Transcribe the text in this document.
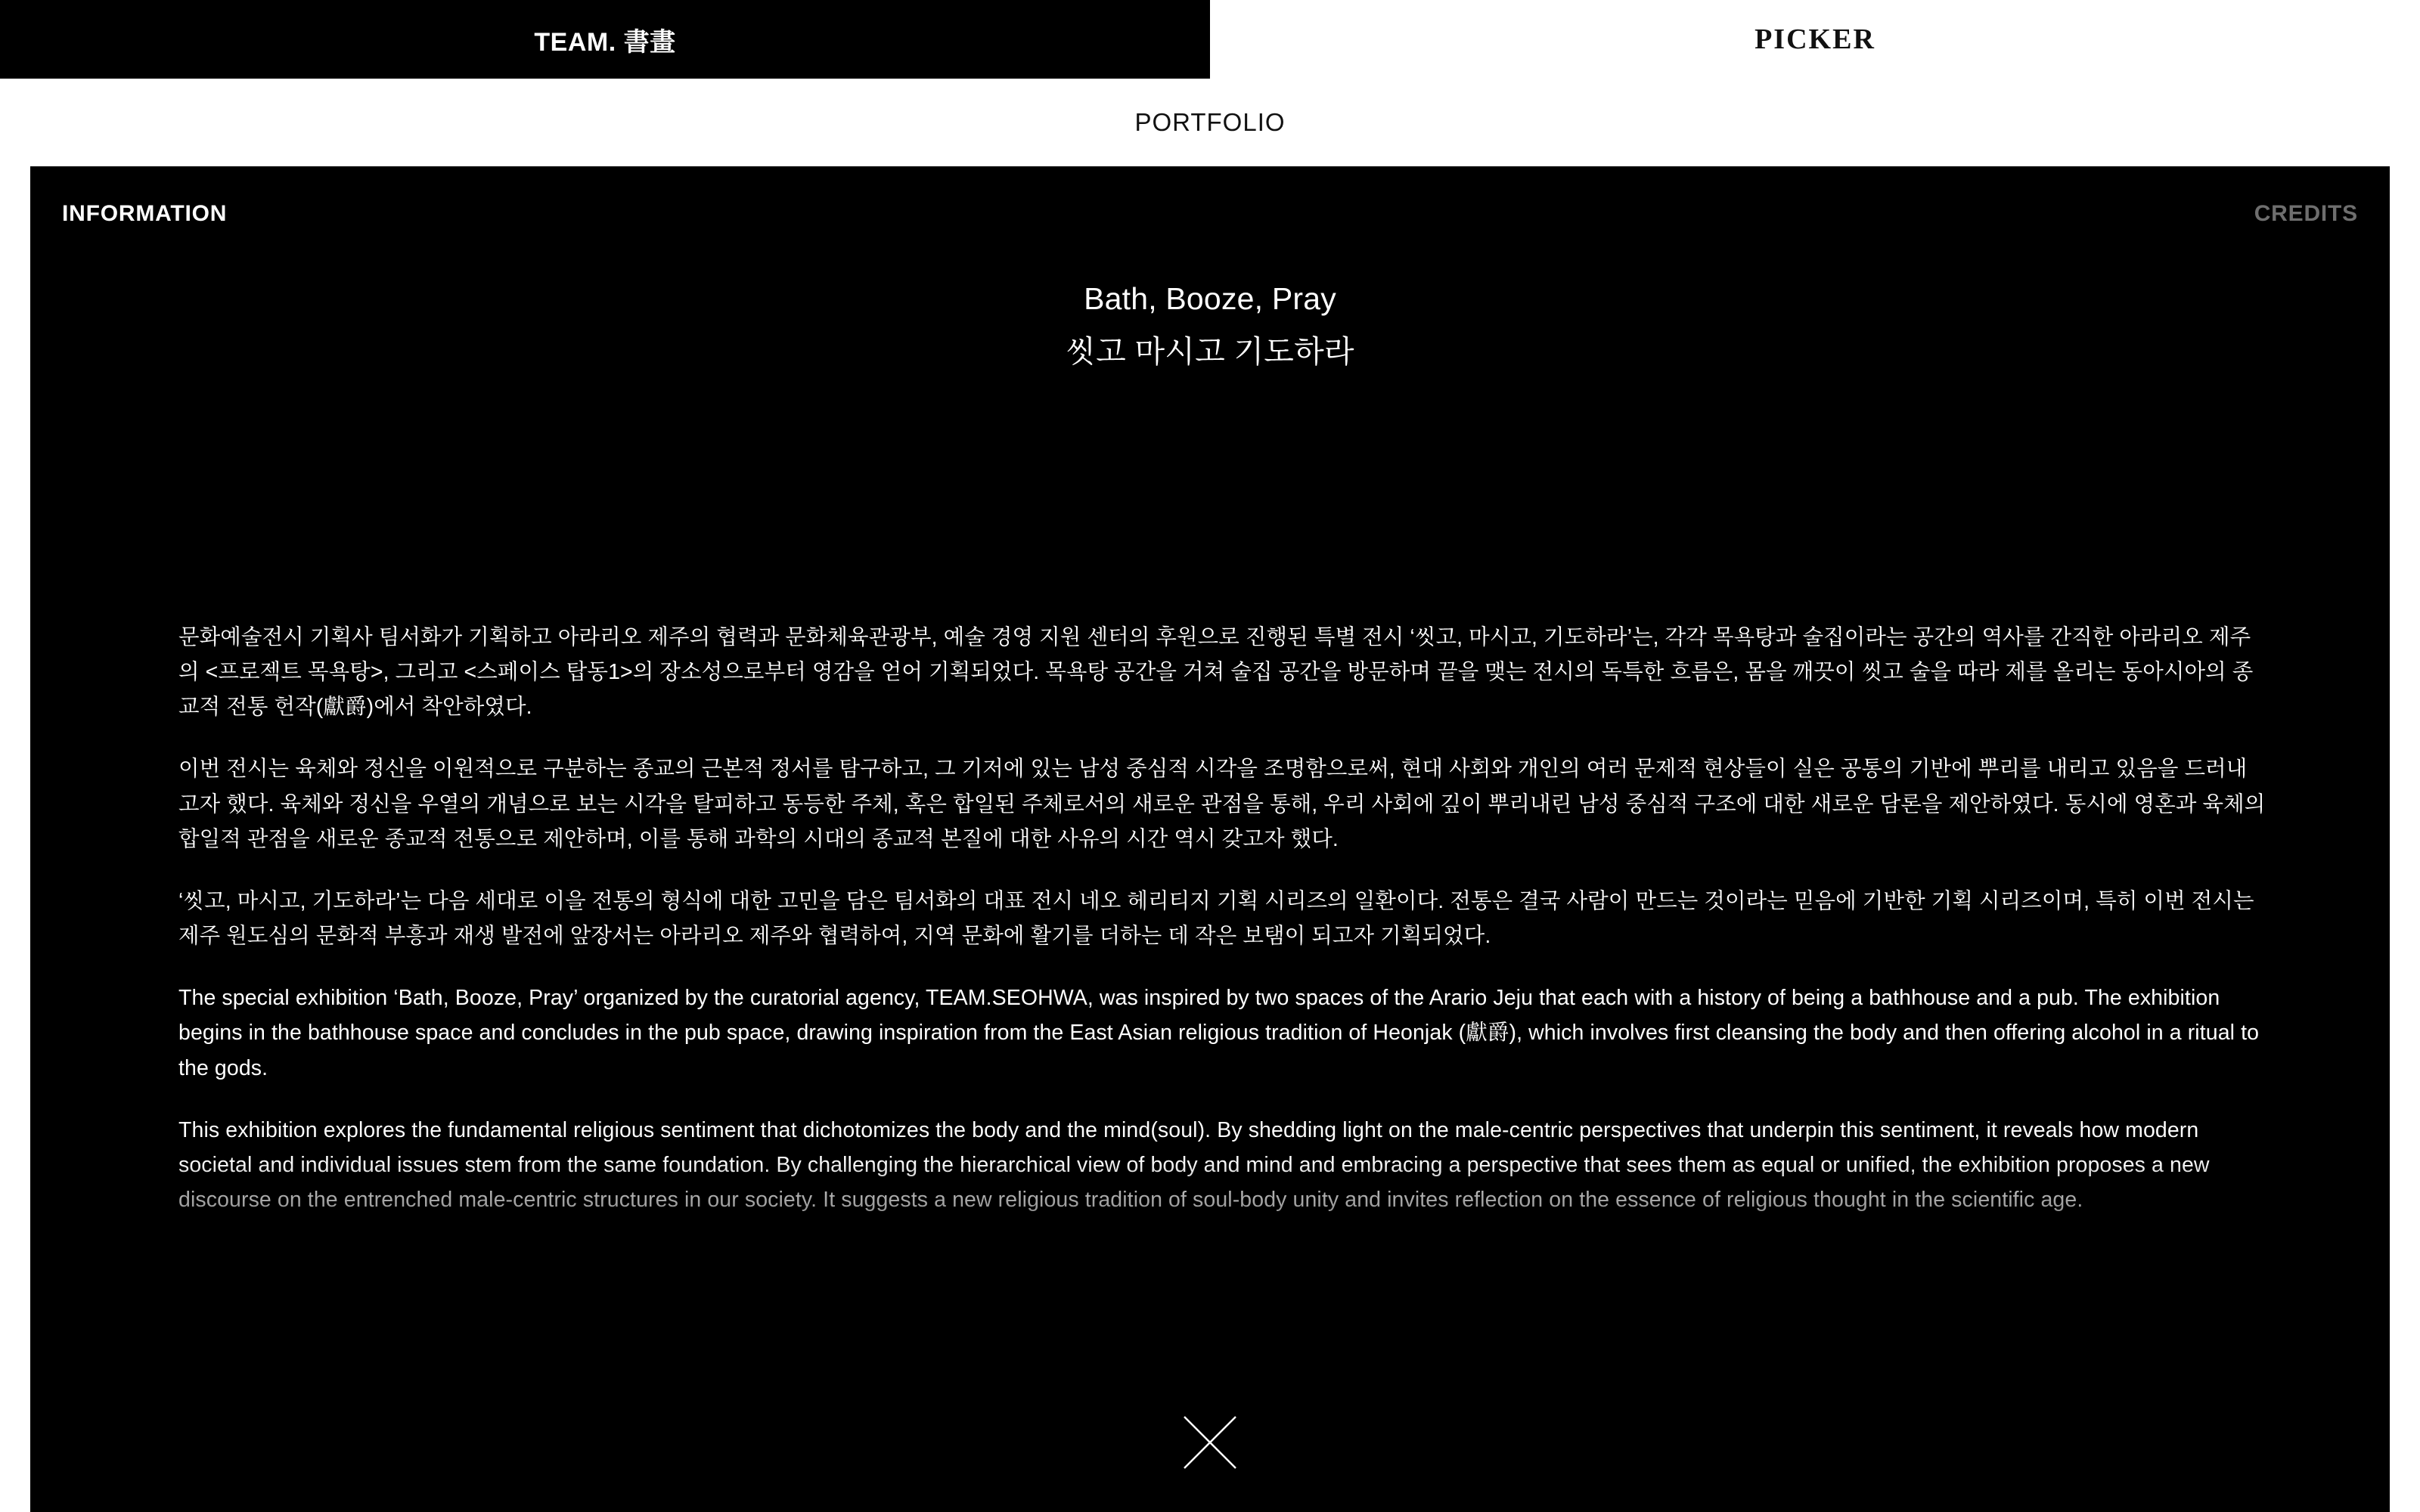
TEAM. 書畫	PICKER
PORTFOLIO
INFORMATION	CREDITS
Bath, Booze, Pray
씻고 마시고 기도하라

문화예술전시 기획사 팀서화가 기획하고 아라리오 제주의 협력과 문화체육관광부, 예술 경영 지원 센터의 후원으로 진행된 특별 전시 ‘씻고, 마시고, 기도하라’는, 각각 목욕탕과 술집이라는 공간의 역사를 간직한 아라리오 제주의 <프로젝트 목욕탕>, 그리고 <스페이스 탑동1>의 장소성으로부터 영감을 얻어 기획되었다. 목욕탕 공간을 거쳐 술집 공간을 방문하며 끝을 맺는 전시의 독특한 흐름은, 몸을 깨끗이 씻고 술을 따라 제를 올리는 동아시아의 종교적 전통 헌작(獻爵)에서 착안하였다.

이번 전시는 육체와 정신을 이원적으로 구분하는 종교의 근본적 정서를 탐구하고, 그 기저에 있는 남성 중심적 시각을 조명함으로써, 현대 사회와 개인의 여러 문제적 현상들이 실은 공통의 기반에 뿌리를 내리고 있음을 드러내고자 했다. 육체와 정신을 우열의 개념으로 보는 시각을 탈피하고 동등한 주체, 혹은 합일된 주체로서의 새로운 관점을 통해, 우리 사회에 깊이 뿌리내린 남성 중심적 구조에 대한 새로운 담론을 제안하였다. 동시에 영혼과 육체의 합일적 관점을 새로운 종교적 전통으로 제안하며, 이를 통해 과학의 시대의 종교적 본질에 대한 사유의 시간 역시 갖고자 했다.

‘씻고, 마시고, 기도하라’는 다음 세대로 이을 전통의 형식에 대한 고민을 담은 팀서화의 대표 전시 네오 헤리티지 기획 시리즈의 일환이다. 전통은 결국 사람이 만드는 것이라는 믿음에 기반한 기획 시리즈이며, 특히 이번 전시는 제주 원도심의 문화적 부흥과 재생 발전에 앞장서는 아라리오 제주와 협력하여, 지역 문화에 활기를 더하는 데 작은 보탬이 되고자 기획되었다.

The special exhibition ‘Bath, Booze, Pray’ organized by the curatorial agency, TEAM.SEOHWA, was inspired by two spaces of the Arario Jeju that each with a history of being a bathhouse and a pub. The exhibition begins in the bathhouse space and concludes in the pub space, drawing inspiration from the East Asian religious tradition of Heonjak (獻爵), which involves first cleansing the body and then offering alcohol in a ritual to the gods.

This exhibition explores the fundamental religious sentiment that dichotomizes the body and the mind(soul). By shedding light on the male-centric perspectives that underpin this sentiment, it reveals how modern societal and individual issues stem from the same foundation. By challenging the hierarchical view of body and mind and embracing a perspective that sees them as equal or unified, the exhibition proposes a new discourse on the entrenched male-centric structures in our society. It suggests a new religious tradition of soul-body unity and invites reflection on the essence of religious thought in the scientific age.
